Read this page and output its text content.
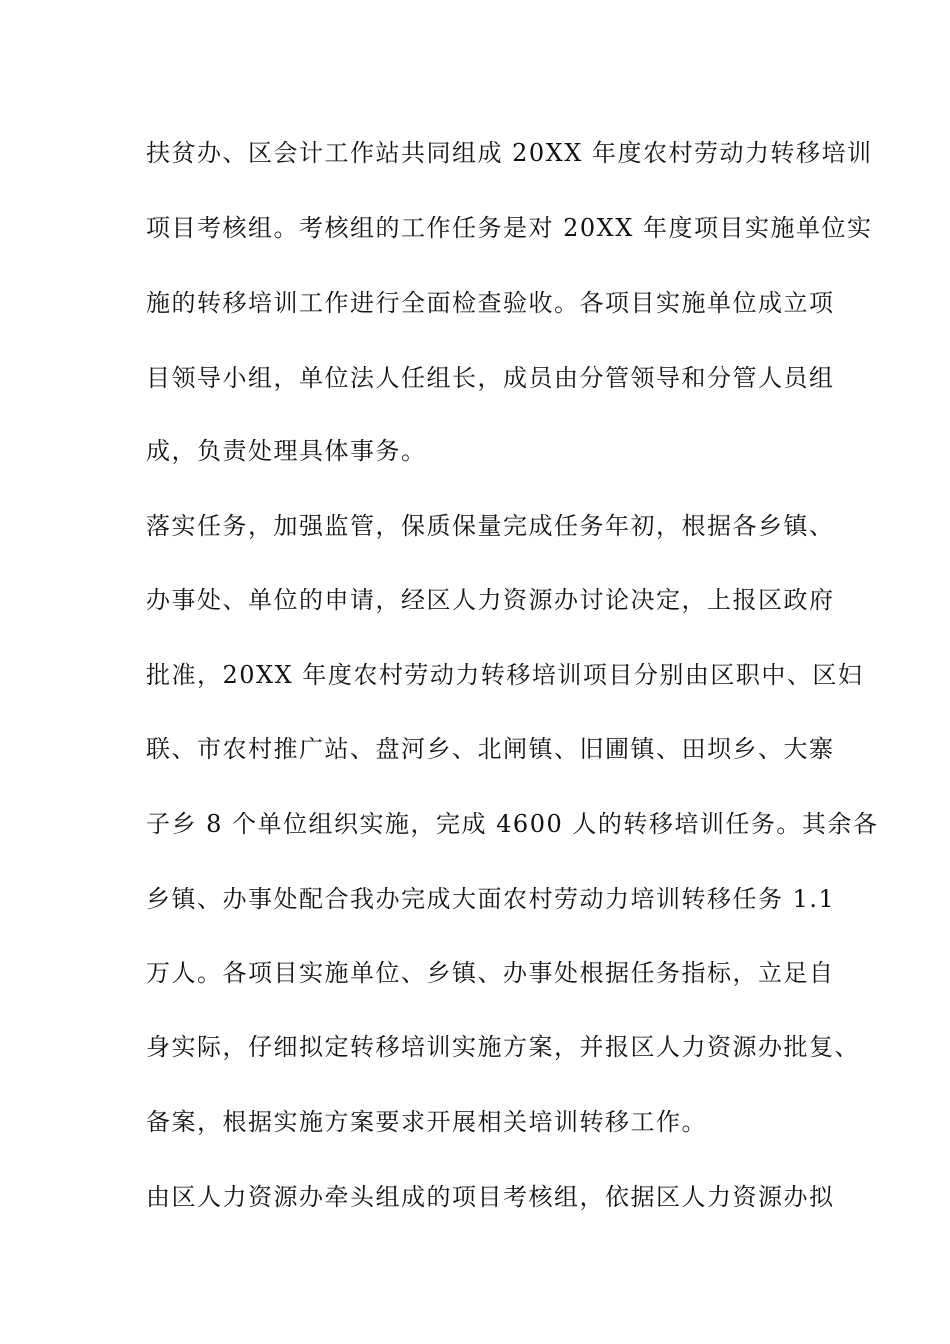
扶贫办、区会计工作站共同组成 20XX 年度农村劳动力转移培训
项目考核组。考核组的工作任务是对 20XX 年度项目实施单位实
施的转移培训工作进行全面检查验收。各项目实施单位成立项
目领导小组，单位法人任组长，成员由分管领导和分管人员组
成，负责处理具体事务。
落实任务，加强监管，保质保量完成任务年初，根据各乡镇、
办事处、单位的申请，经区人力资源办讨论决定，上报区政府
批准，20XX 年度农村劳动力转移培训项目分别由区职中、区妇
联、市农村推广站、盘河乡、北闸镇、旧圃镇、田坝乡、大寨
子乡 8 个单位组织实施，完成 4600 人的转移培训任务。其余各
乡镇、办事处配合我办完成大面农村劳动力培训转移任务 1.1
万人。各项目实施单位、乡镇、办事处根据任务指标，立足自
身实际，仔细拟定转移培训实施方案，并报区人力资源办批复、
备案，根据实施方案要求开展相关培训转移工作。
由区人力资源办牵头组成的项目考核组，依据区人力资源办拟
